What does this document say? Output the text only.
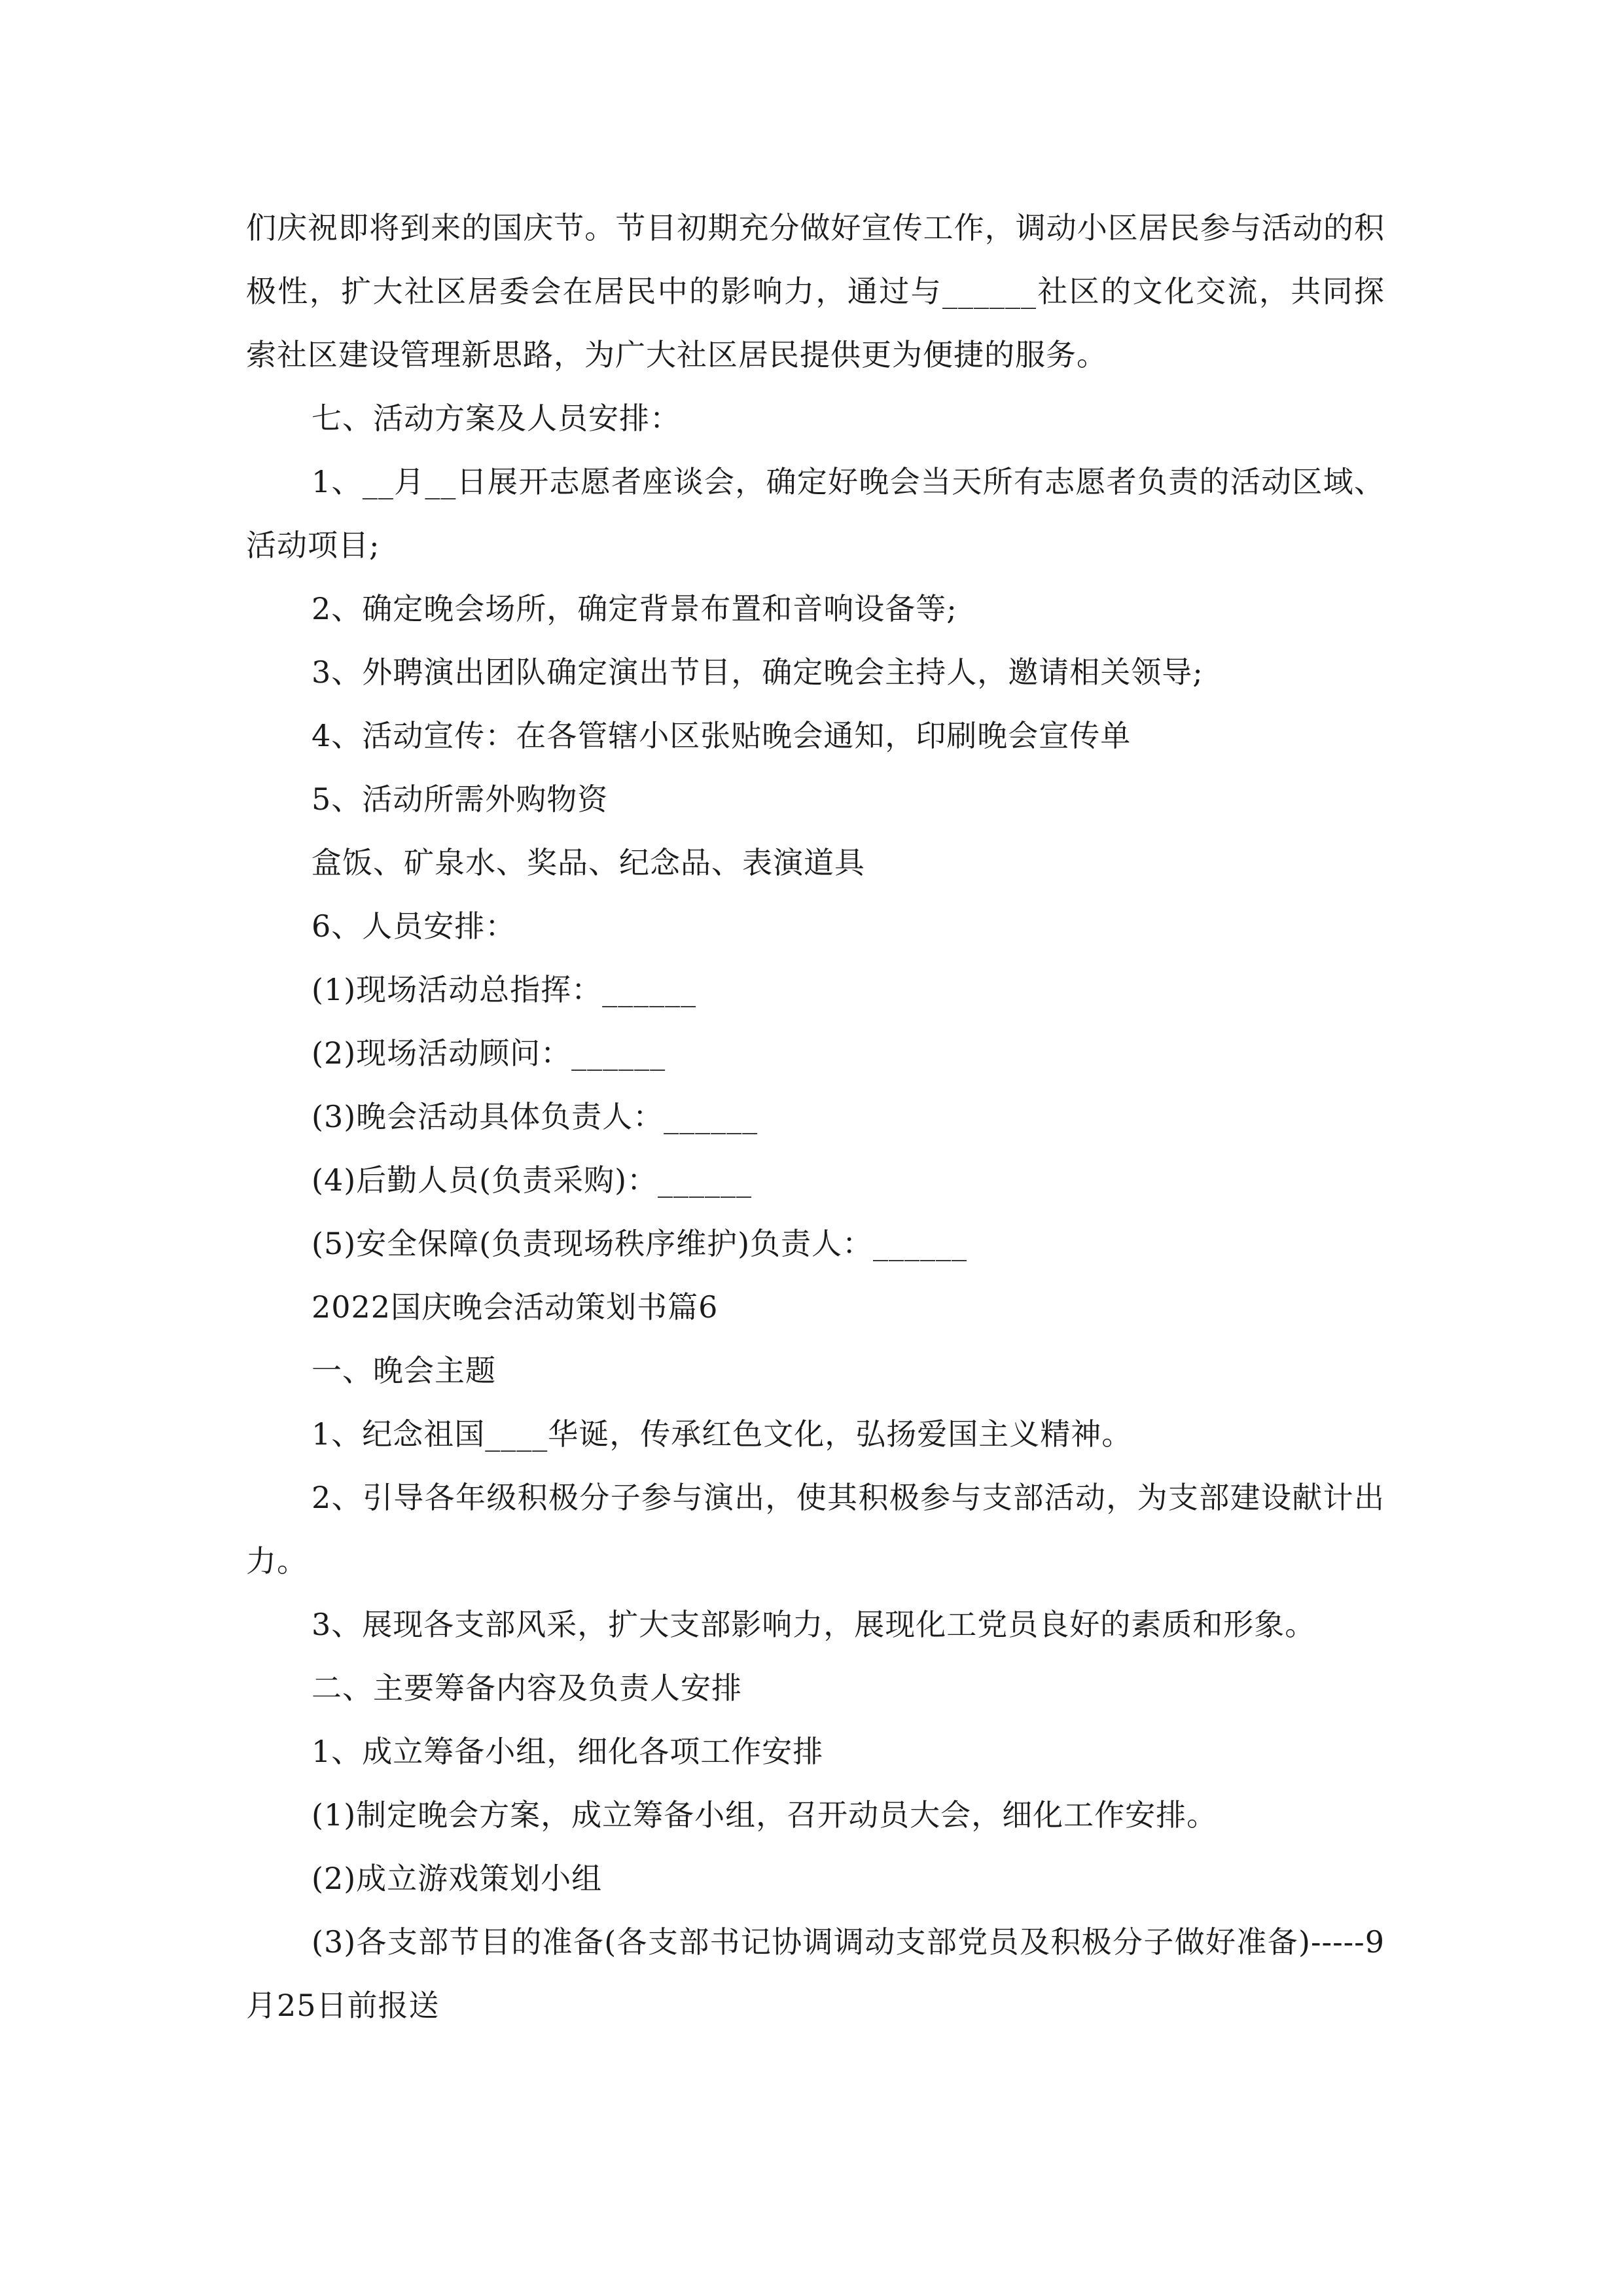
们庆祝即将到来的国庆节。节目初期充分做好宣传工作，调动小区居民参与活动的积极性，扩大社区居委会在居民中的影响力，通过与______社区的文化交流，共同探索社区建设管理新思路，为广大社区居民提供更为便捷的服务。

七、活动方案及人员安排：

1、__月__日展开志愿者座谈会，确定好晚会当天所有志愿者负责的活动区域、活动项目;

2、确定晚会场所，确定背景布置和音响设备等;

3、外聘演出团队确定演出节目，确定晚会主持人，邀请相关领导;

4、活动宣传：在各管辖小区张贴晚会通知，印刷晚会宣传单

5、活动所需外购物资

盒饭、矿泉水、奖品、纪念品、表演道具

6、人员安排：

(1)现场活动总指挥：______

(2)现场活动顾问：______

(3)晚会活动具体负责人：______

(4)后勤人员(负责采购)：______

(5)安全保障(负责现场秩序维护)负责人：______

2022国庆晚会活动策划书篇6

一、晚会主题

1、纪念祖国____华诞，传承红色文化，弘扬爱国主义精神。

2、引导各年级积极分子参与演出，使其积极参与支部活动，为支部建设献计出力。

3、展现各支部风采，扩大支部影响力，展现化工党员良好的素质和形象。

二、主要筹备内容及负责人安排

1、成立筹备小组，细化各项工作安排

(1)制定晚会方案，成立筹备小组，召开动员大会，细化工作安排。

(2)成立游戏策划小组

(3)各支部节目的准备(各支部书记协调调动支部党员及积极分子做好准备)-----9月25日前报送
